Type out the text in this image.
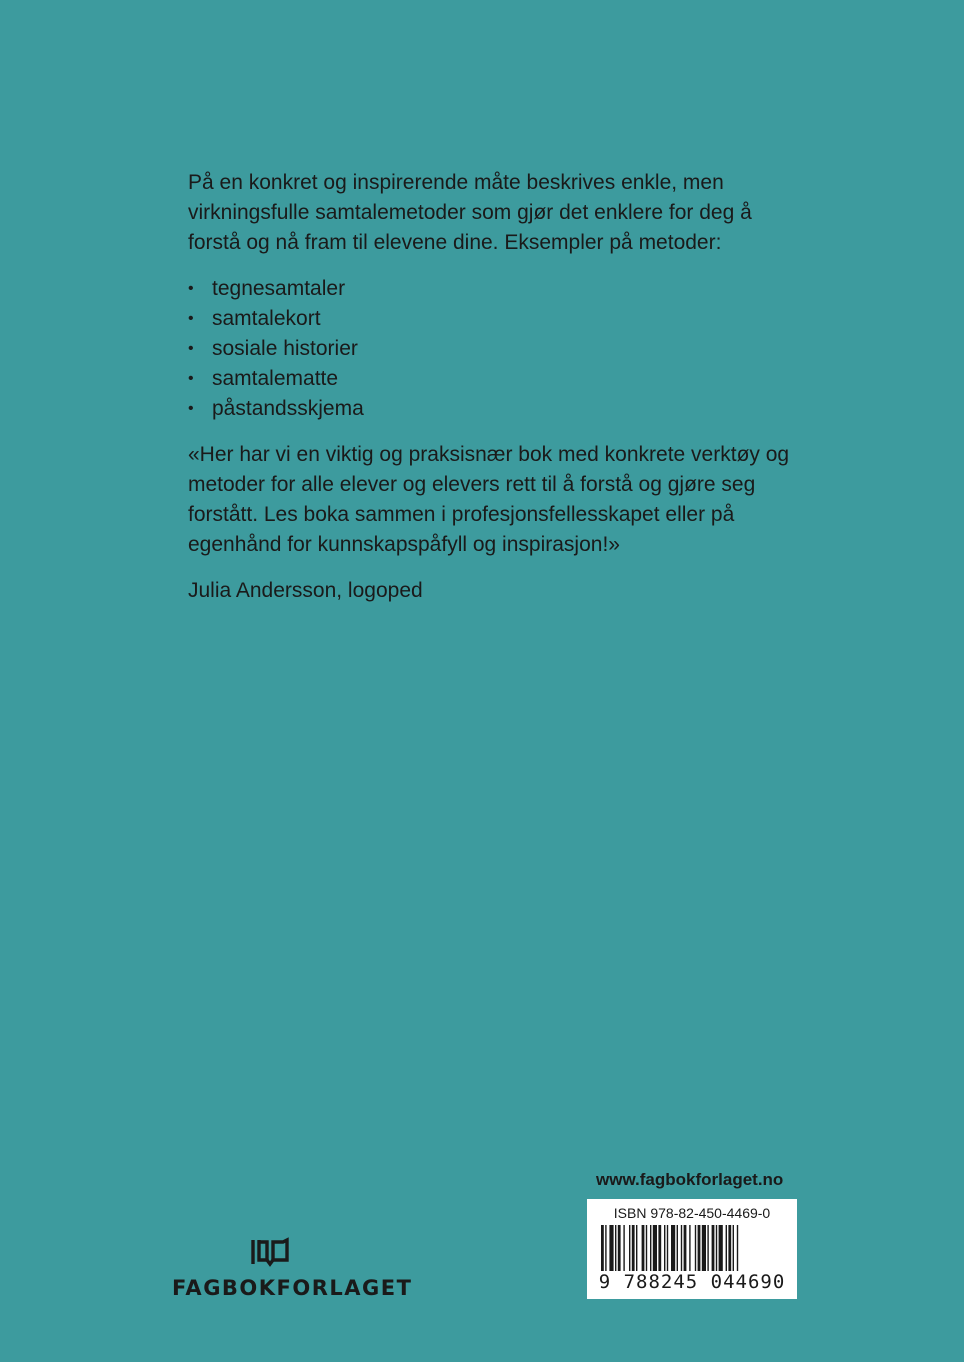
På en konkret og inspirerende måte beskrives enkle, men virkningsfulle samtalemetoder som gjør det enklere for deg å forstå og nå fram til elevene dine. Eksempler på metoder:

• tegnesamtaler
• samtalekort
• sosiale historier
• samtalematte
• påstandsskjema

«Her har vi en viktig og praksisnær bok med konkrete verktøy og metoder for alle elever og elevers rett til å forstå og gjøre seg forstått. Les boka sammen i profesjonsfellesskapet eller på egenhånd for kunnskapspåfyll og inspirasjon!»

Julia Andersson, logoped

FAGBOKFORLAGET
www.fagbokforlaget.no
ISBN 978-82-450-4469-0
9 788245 044690
